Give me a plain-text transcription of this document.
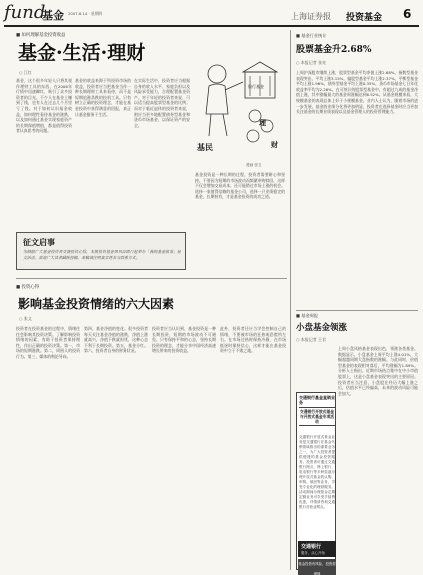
fund
基金 2007.6.14 · 星期四	上海证券报 投资基金 6
■ 如何理解基金投资收益
基金·生活·理财
○ 江红
基金，这个很多年轻人只将其视作理财工具的东西，在2006年行情中迅速蹿红，吸引了众多投资者的目光。不少人在基金上赚到了钱，也有人在过去几个月里亏了钱。对于如何认识基金收益，如何理性看待基金的涨跌，以及如何通过基金实现家庭资产的长期保值增值，都是值得投资者认真思考的问题。
基金的收益来源于所投资市场的收益，投资者应当把基金当作一种长期理财工具来看待，而不是短期追涨杀跌的投机工具。只有树立正确的投资理念，才能在基金投资中获得满意的回报，真正让基金服务于生活。
在实际生活中，投资者应当根据自身的收入水平、家庭负担以及风险承受能力，合理配置基金资产。对于年轻的投资者来说，可以适当提高股票型基金的比例；而对于临近退休的投资者来说，则应当更多地配置债券型基金和货币市场基金，以保证资产的安全。
银行基金
基民
理
财
漫画 张卫
基金投资是一种长期的过程，投资者需要耐心和坚持。不要因为短期的市场波动而频繁申购赎回，这样不仅会增加交易成本，还可能错过市场上涨的机会。选择一家值得信赖的基金公司，选择一只业绩稳定的基金，长期持有，才是基金投资的成功之道。
征文启事
为鼓励广大基金投资者交流投资心得，本报投资基金周刊自即日起举办「我的基金故事」征文活动，欢迎广大读者踊跃投稿，来稿请注明真实姓名与联系方式。
■ 投资心得
影响基金投资情绪的六大因素
○ 张文
投资者在投资基金的过程中，情绪往往会影响其投资决策。了解影响投资情绪的因素，有助于投资者保持理性，作出正确的投资决策。第一，市场的短期涨跌。第二，周围人的投资行为。第三，媒体的舆论导向。
第四，基金净值的变化。很多投资者每天关注基金净值的涨跌，净值上涨就高兴，净值下跌就担忧，这种心态不利于长期投资。第五，基金分红。第六，投资者自身的财务状况。
投资者应当认识到，基金投资是一种长期投资，短期的市场波动不可避免。只有保持平和的心态，坚持长期投资的理念，才能分享中国经济高速增长带来的投资收益。
此外，投资者还应当学会控制自己的情绪，不要被市场的狂热或恐慌所左右。在市场过热时保持冷静，在市场低迷时保持信心，这样才能在基金投资中立于不败之地。
■ 基金行业统计
股票基金升2.68%
○ 本报记者 张亮
上周沪深股市继续上涨，股票型基金平均净值上涨2.68%，指数型基金表现突出，平均上涨3.15%。偏股型基金平均上涨2.37%，平衡型基金平均上涨1.96%，债券型基金平均上涨0.35%，货币市场基金七日年化收益率平均为2.26%。在可统计的股票型基金中，有超过九成的基金净值上涨，其中涨幅最大的基金周涨幅达到6.52%。从基金规模来看，大规模基金的表现总体上好于小规模基金。业内人士认为，随着市场的进一步发展，基金的业绩分化将更加明显，投资者在选择基金时应当更加关注基金的长期业绩表现以及基金管理人的投资管理能力。
■ 基金周报
小盘基金领涨
○ 本报记者 王君
上周小盘风格基金表现出色，领涨各类基金。数据显示，小盘基金上周平均上涨4.01%，大幅超越同期大盘指数的涨幅。与此同时，价值型基金的表现相对落后，平均涨幅为1.89%。分析人士指出，近期市场热点集中在中小市值股票上，这是小盘基金表现突出的主要原因。投资者应当注意，小盘股在经历大幅上涨之后，估值水平已经偏高，未来的波动风险可能会加大。
交通银行基金直销业务
交通银行开放式基金与开放式基金专项活动
交通银行开放式基金业务是交通银行在基金代销领域推出的重要业务之一，为广大投资者提供便捷的基金投资服务。投资者可通过交通银行网点、网上银行、电话银行等多种渠道办理开放式基金的认购、申购、赎回等业务，享受专业化的理财服务。活动期间办理基金定期定额业务可享受手续费优惠，详情请咨询交通银行各营业网点。
交通银行
服务，从心开始
基金投资有风险，投资需谨慎
